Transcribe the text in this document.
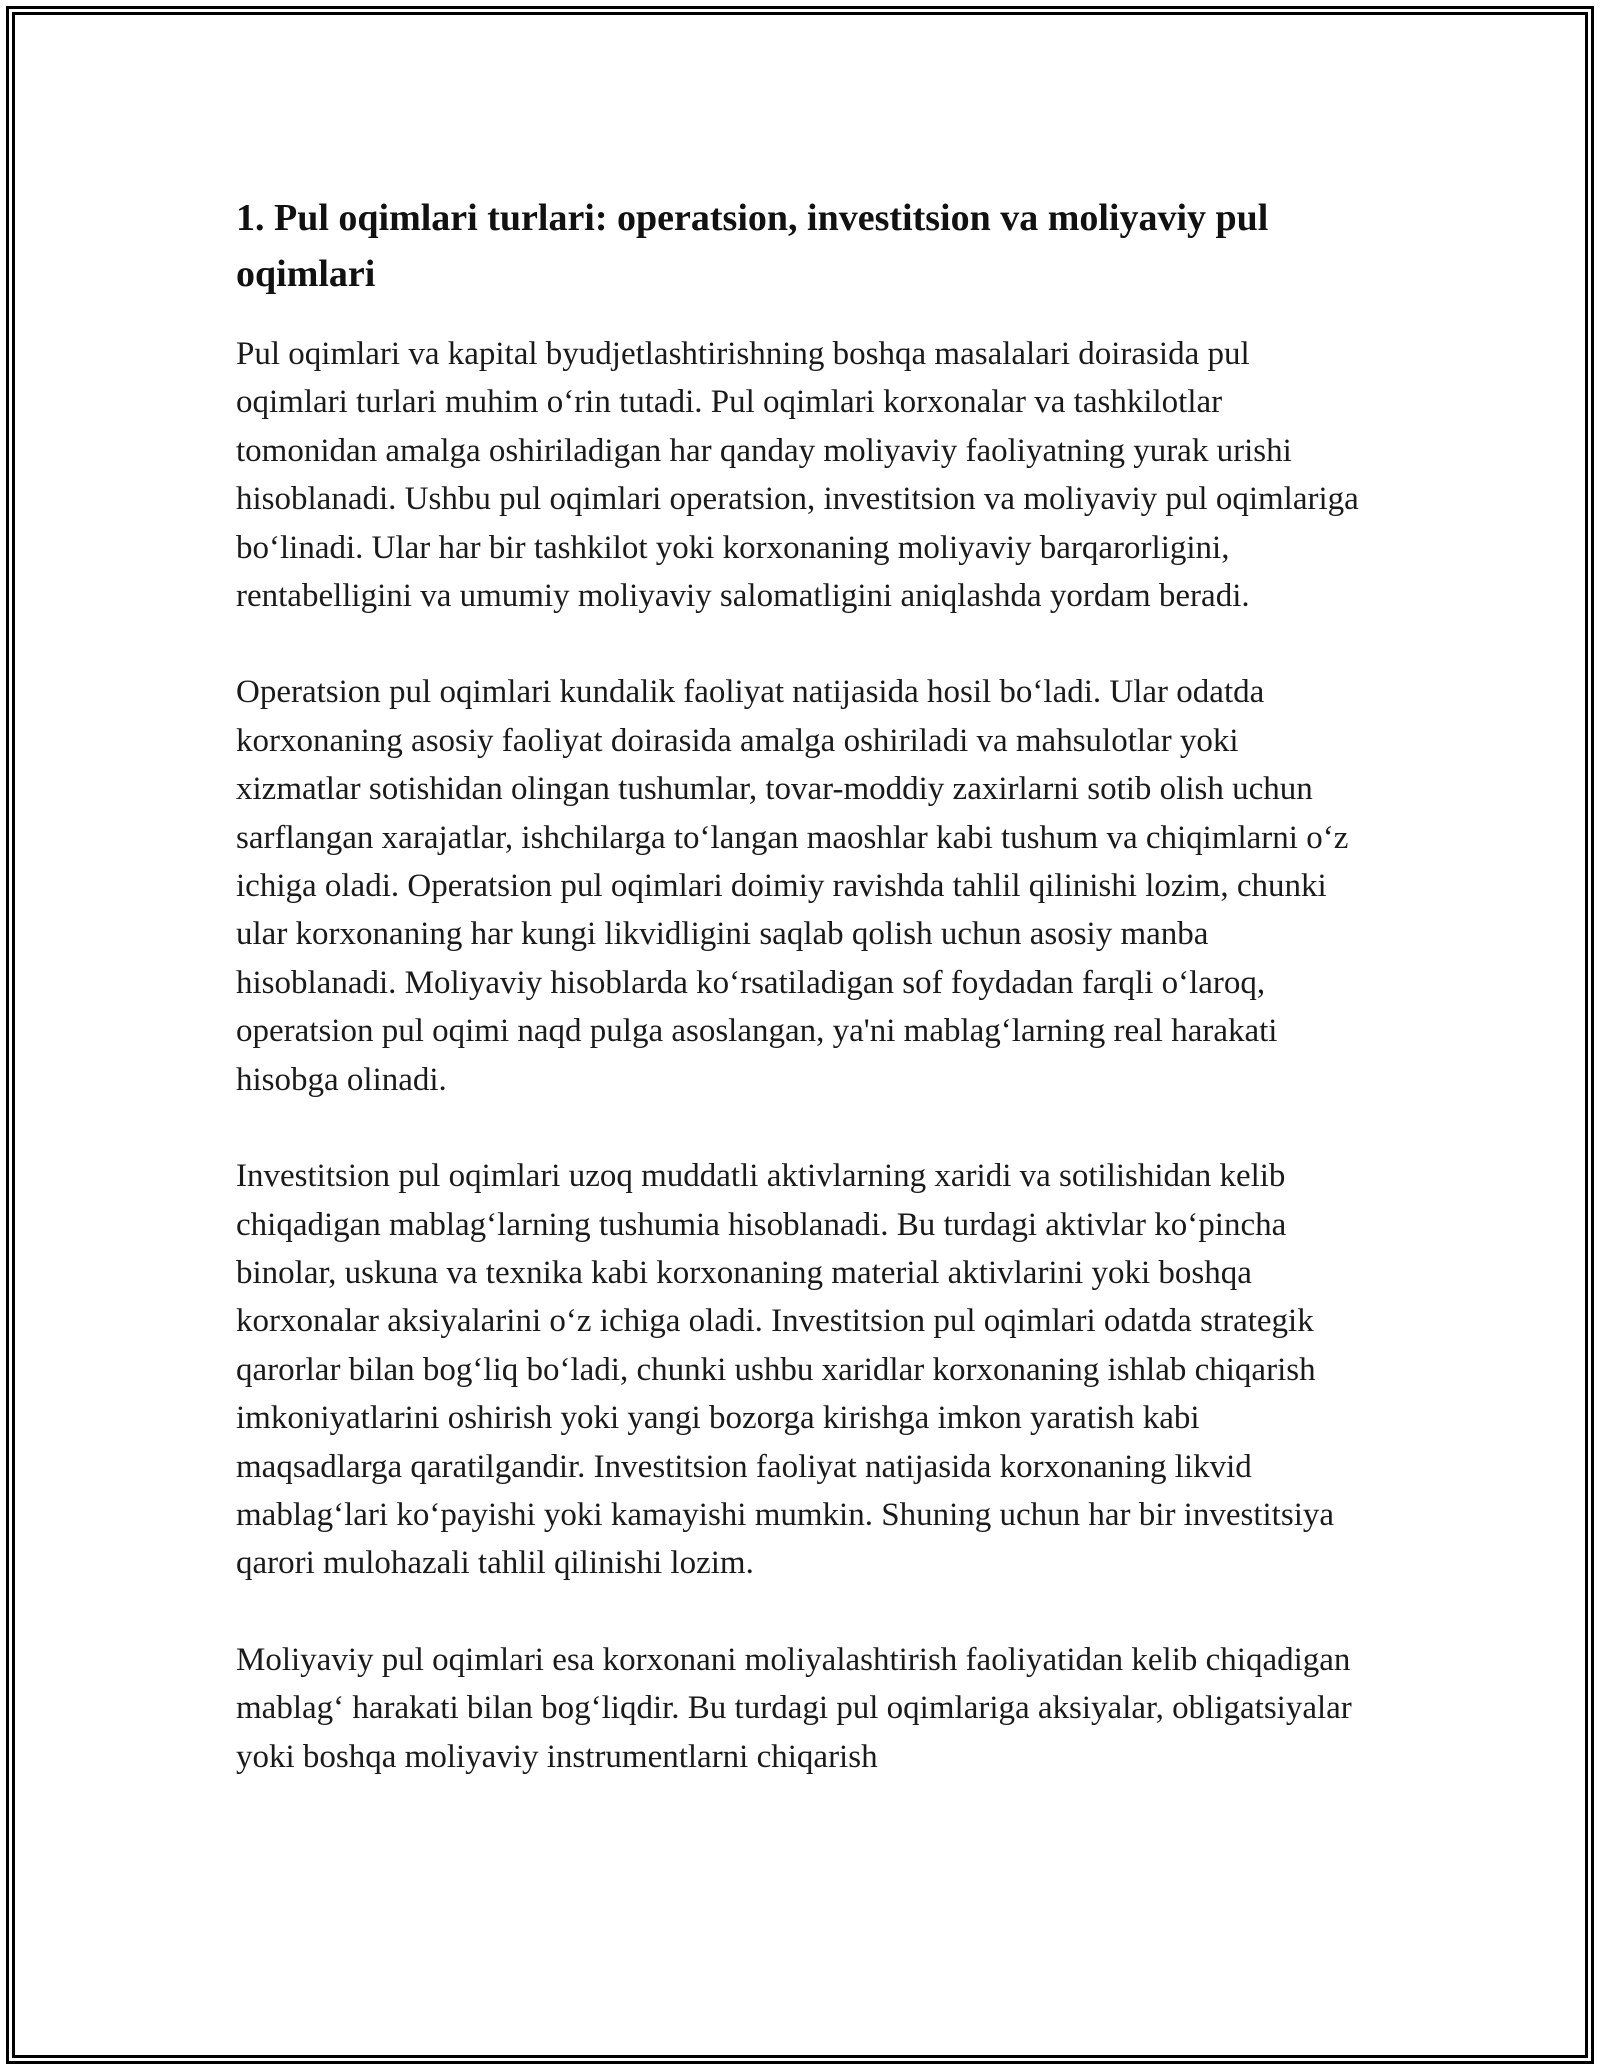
1. Pul oqimlari turlari: operatsion, investitsion va moliyaviy pul oqimlari

Pul oqimlari va kapital byudjetlashtirishning boshqa masalalari doirasida pul oqimlari turlari muhim o‘rin tutadi. Pul oqimlari korxonalar va tashkilotlar tomonidan amalga oshiriladigan har qanday moliyaviy faoliyatning yurak urishi hisoblanadi. Ushbu pul oqimlari operatsion, investitsion va moliyaviy pul oqimlariga bo‘linadi. Ular har bir tashkilot yoki korxonaning moliyaviy barqarorligini, rentabelligini va umumiy moliyaviy salomatligini aniqlashda yordam beradi.

Operatsion pul oqimlari kundalik faoliyat natijasida hosil bo‘ladi. Ular odatda korxonaning asosiy faoliyat doirasida amalga oshiriladi va mahsulotlar yoki xizmatlar sotishidan olingan tushumlar, tovar-moddiy zaxirlarni sotib olish uchun sarflangan xarajatlar, ishchilarga to‘langan maoshlar kabi tushum va chiqimlarni o‘z ichiga oladi. Operatsion pul oqimlari doimiy ravishda tahlil qilinishi lozim, chunki ular korxonaning har kungi likvidligini saqlab qolish uchun asosiy manba hisoblanadi. Moliyaviy hisoblarda ko‘rsatiladigan sof foydadan farqli o‘laroq, operatsion pul oqimi naqd pulga asoslangan, ya'ni mablag‘larning real harakati hisobga olinadi.

Investitsion pul oqimlari uzoq muddatli aktivlarning xaridi va sotilishidan kelib chiqadigan mablag‘larning tushumia hisoblanadi. Bu turdagi aktivlar ko‘pincha binolar, uskuna va texnika kabi korxonaning material aktivlarini yoki boshqa korxonalar aksiyalarini o‘z ichiga oladi. Investitsion pul oqimlari odatda strategik qarorlar bilan bog‘liq bo‘ladi, chunki ushbu xaridlar korxonaning ishlab chiqarish imkoniyatlarini oshirish yoki yangi bozorga kirishga imkon yaratish kabi maqsadlarga qaratilgandir. Investitsion faoliyat natijasida korxonaning likvid mablag‘lari ko‘payishi yoki kamayishi mumkin. Shuning uchun har bir investitsiya qarori mulohazali tahlil qilinishi lozim.

Moliyaviy pul oqimlari esa korxonani moliyalashtirish faoliyatidan kelib chiqadigan mablag‘ harakati bilan bog‘liqdir. Bu turdagi pul oqimlariga aksiyalar, obligatsiyalar yoki boshqa moliyaviy instrumentlarni chiqarish
